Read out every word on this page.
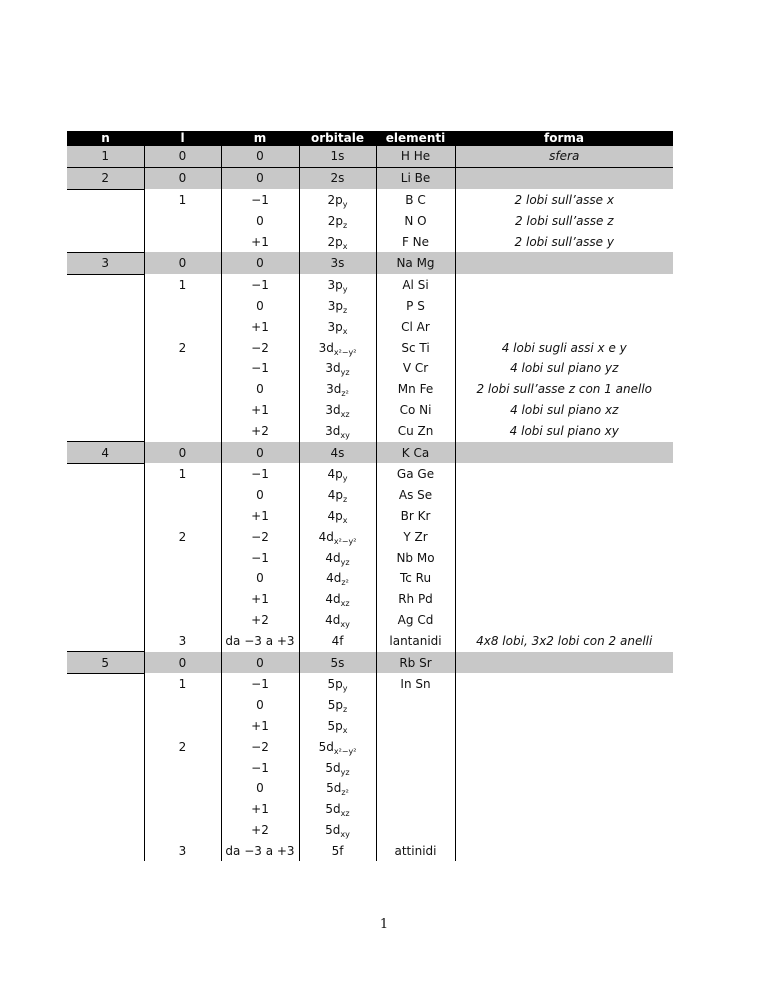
n	l	m	orbitale	elementi	forma
1	0	0	1s	H He	sfera
2	0	0	2s	Li Be	
	1	−1	$2p_y$	B C	2 lobi sull’asse x
		0	$2p_z$	N O	2 lobi sull’asse z
		+1	$2p_x$	F Ne	2 lobi sull’asse y
3	0	0	3s	Na Mg	
	1	−1	$3p_y$	Al Si	
		0	$3p_z$	P S	
		+1	$3p_x$	Cl Ar	
	2	−2	$3d_{x^2-y^2}$	Sc Ti	4 lobi sugli assi x e y
		−1	$3d_{yz}$	V Cr	4 lobi sul piano yz
		0	$3d_{z^2}$	Mn Fe	2 lobi sull’asse z con 1 anello
		+1	$3d_{xz}$	Co Ni	4 lobi sul piano xz
		+2	$3d_{xy}$	Cu Zn	4 lobi sul piano xy
4	0	0	4s	K Ca	
	1	−1	$4p_y$	Ga Ge	
		0	$4p_z$	As Se	
		+1	$4p_x$	Br Kr	
	2	−2	$4d_{x^2-y^2}$	Y Zr	
		−1	$4d_{yz}$	Nb Mo	
		0	$4d_{z^2}$	Tc Ru	
		+1	$4d_{xz}$	Rh Pd	
		+2	$4d_{xy}$	Ag Cd	
	3	da −3 a +3	4f	lantanidi	4x8 lobi, 3x2 lobi con 2 anelli
5	0	0	5s	Rb Sr	
	1	−1	$5p_y$	In Sn	
		0	$5p_z$		
		+1	$5p_x$		
	2	−2	$5d_{x^2-y^2}$		
		−1	$5d_{yz}$		
		0	$5d_{z^2}$		
		+1	$5d_{xz}$		
		+2	$5d_{xy}$		
	3	da −3 a +3	5f	attinidi	
1
